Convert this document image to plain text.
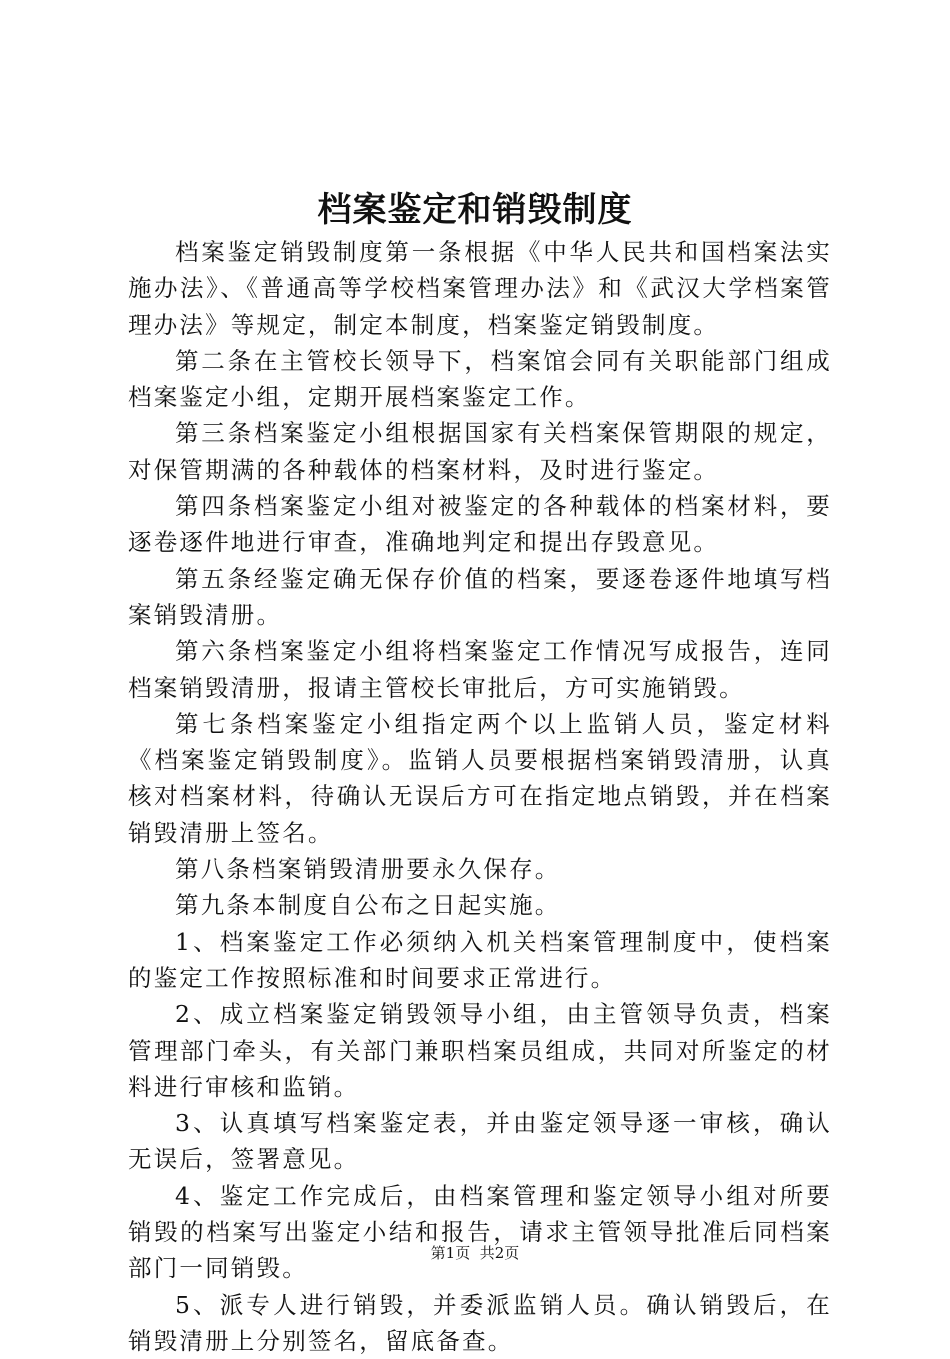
档案鉴定和销毁制度

档案鉴定销毁制度第一条根据《中华人民共和国档案法实施办法》、《普通高等学校档案管理办法》和《武汉大学档案管理办法》等规定，制定本制度，档案鉴定销毁制度。

第二条在主管校长领导下，档案馆会同有关职能部门组成档案鉴定小组，定期开展档案鉴定工作。

第三条档案鉴定小组根据国家有关档案保管期限的规定，对保管期满的各种载体的档案材料，及时进行鉴定。

第四条档案鉴定小组对被鉴定的各种载体的档案材料，要逐卷逐件地进行审查，准确地判定和提出存毁意见。

第五条经鉴定确无保存价值的档案，要逐卷逐件地填写档案销毁清册。

第六条档案鉴定小组将档案鉴定工作情况写成报告，连同档案销毁清册，报请主管校长审批后，方可实施销毁。

第七条档案鉴定小组指定两个以上监销人员，鉴定材料《档案鉴定销毁制度》。监销人员要根据档案销毁清册，认真核对档案材料，待确认无误后方可在指定地点销毁，并在档案销毁清册上签名。

第八条档案销毁清册要永久保存。

第九条本制度自公布之日起实施。

1、档案鉴定工作必须纳入机关档案管理制度中，使档案的鉴定工作按照标准和时间要求正常进行。

2、成立档案鉴定销毁领导小组，由主管领导负责，档案管理部门牵头，有关部门兼职档案员组成，共同对所鉴定的材料进行审核和监销。

3、认真填写档案鉴定表，并由鉴定领导逐一审核，确认无误后，签署意见。

4、鉴定工作完成后，由档案管理和鉴定领导小组对所要销毁的档案写出鉴定小结和报告，请求主管领导批准后同档案部门一同销毁。

5、派专人进行销毁，并委派监销人员。确认销毁后，在销毁清册上分别签名，留底备查。

第1页 共2页
